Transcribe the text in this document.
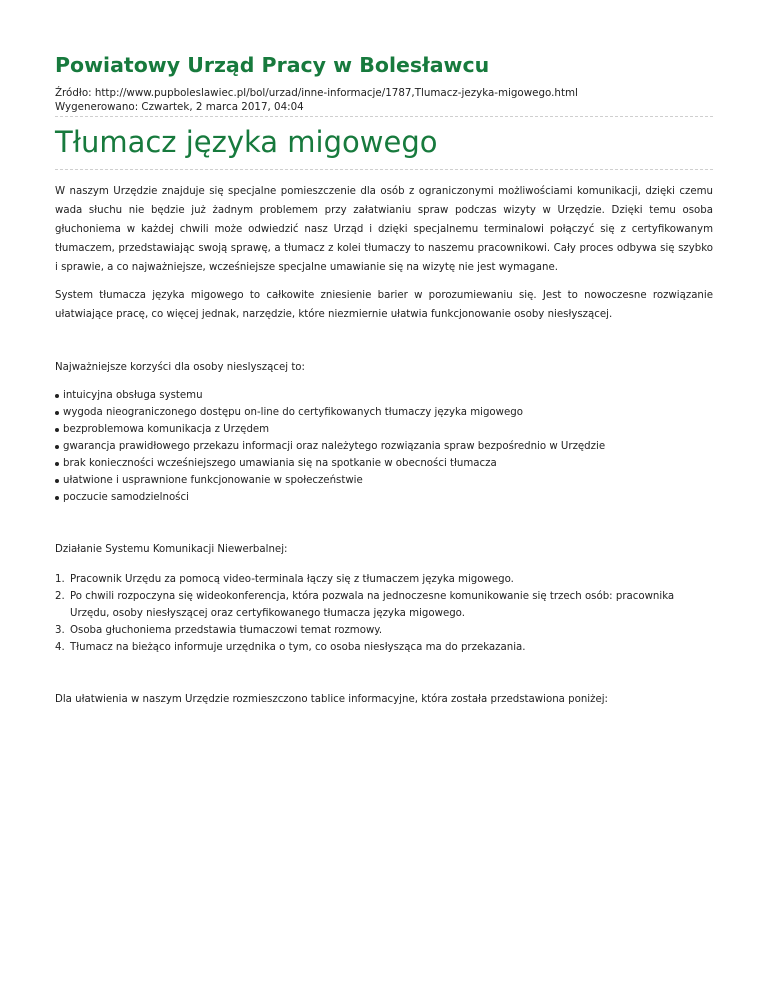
Powiatowy Urząd Pracy w Bolesławcu
Źródło: http://www.pupboleslawiec.pl/bol/urzad/inne-informacje/1787,Tlumacz-jezyka-migowego.html
Wygenerowano: Czwartek, 2 marca 2017, 04:04
Tłumacz języka migowego

W naszym Urzędzie znajduje się specjalne pomieszczenie dla osób z ograniczonymi możliwościami komunikacji, dzięki czemu wada słuchu nie będzie już żadnym problemem przy załatwianiu spraw podczas wizyty w Urzędzie. Dzięki temu osoba głuchoniema w każdej chwili może odwiedzić nasz Urząd i dzięki specjalnemu terminalowi połączyć się z certyfikowanym tłumaczem, przedstawiając swoją sprawę, a tłumacz z kolei tłumaczy to naszemu pracownikowi. Cały proces odbywa się szybko i sprawie, a co najważniejsze, wcześniejsze specjalne umawianie się na wizytę nie jest wymagane.

System tłumacza języka migowego to całkowite zniesienie barier w porozumiewaniu się. Jest to nowoczesne rozwiązanie ułatwiające pracę, co więcej jednak, narzędzie, które niezmiernie ułatwia funkcjonowanie osoby niesłyszącej.

Najważniejsze korzyści dla osoby nieslyszącej to:

intuicyjna obsługa systemu
wygoda nieograniczonego dostępu on-line do certyfikowanych tłumaczy języka migowego
bezproblemowa komunikacja z Urzędem
gwarancja prawidłowego przekazu informacji oraz należytego rozwiązania spraw bezpośrednio w Urzędzie
brak konieczności wcześniejszego umawiania się na spotkanie w obecności tłumacza
ułatwione i usprawnione funkcjonowanie w społeczeństwie
poczucie samodzielności

Działanie Systemu Komunikacji Niewerbalnej:

1. Pracownik Urzędu za pomocą video-terminala łączy się z tłumaczem języka migowego.
2. Po chwili rozpoczyna się wideokonferencja, która pozwala na jednoczesne komunikowanie się trzech osób: pracownika Urzędu, osoby niesłyszącej oraz certyfikowanego tłumacza języka migowego.
3. Osoba głuchoniema przedstawia tłumaczowi temat rozmowy.
4. Tłumacz na bieżąco informuje urzędnika o tym, co osoba niesłysząca ma do przekazania.

Dla ułatwienia w naszym Urzędzie rozmieszczono tablice informacyjne, która została przedstawiona poniżej:
